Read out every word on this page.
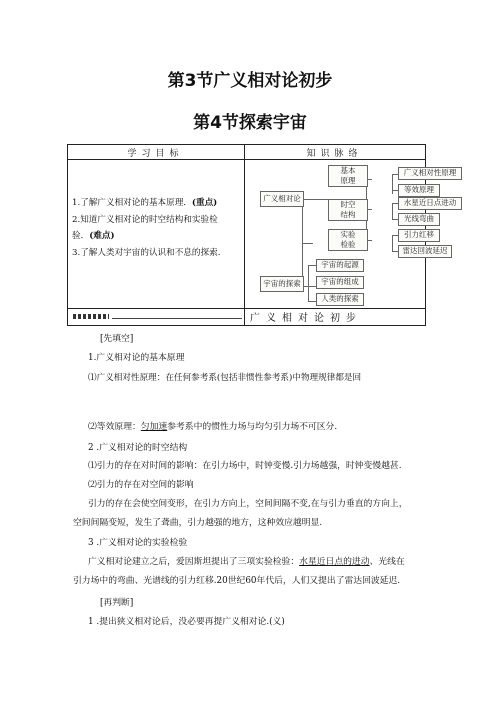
第3节广义相对论初步
第4节探索宇宙
学习目标	知识脉络
1.了解广义相对论的基本原理．(重点)
2.知道广义相对论的时空结构和实验检
验．(难点)
3.了解人类对宇宙的认识和不息的探索.
广义相对论
宇宙的探索
基本
原理
时空
结构
实验
检验
广义相对性原理
等效原理
水星近日点进动
光线弯曲
引力红移
雷达回波延迟
宇宙的起源
宇宙的组成
人类的探索
广义相对论初步
[先填空]
1.广义相对论的基本原理
⑴广义相对性原理：在任何参考系(包括非惯性参考系)中物理规律都是回
⑵等效原理：匀加速参考系中的惯性力场与均匀引力场不可区分.
2 .广义相对论的时空结构
⑴引力的存在对时间的影响：在引力场中，时钟变慢.引力场越强，时钟变慢越甚.
⑵引力的存在对空间的影响
引力的存在会使空间变形，在引力方向上，空间间隔不变,在与引力垂直的方向上，
空间间隔变短，发生了聋曲，引力越强的地方，这种效应越明显.
3 .广义相对论的实验检验
广义相对论建立之后，爱因斯坦提出了三项实验检验：水星近日点的进动、光线在
引力场中的弯曲、光谱线的引力红移.20世纪60年代后，人们又提出了雷达回波延迟.
[再判断]
1 .提出狭义相对论后，没必要再提广义相对论.(义)
